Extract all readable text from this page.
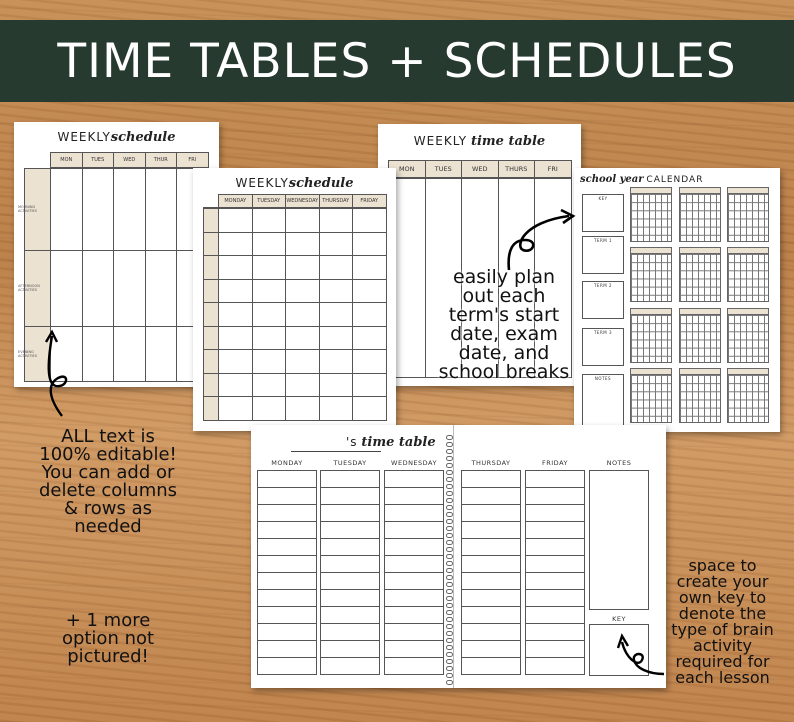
TIME TABLES + SCHEDULES
WEEKLYschedule
MON	TUES	WED	THUR	FRI
MORNING ACTIVITIES
AFTERNOON ACTIVITIES
EVENING ACTIVITIES
WEEKLY time table
MON	TUES	WED	THURS	FRI
WEEKLYschedule
MONDAY	TUESDAY	WEDNESDAY THURSDAY	FRIDAY
school year CALENDAR
KEY
TERM 1
TERM 2
TERM 3
NOTES
's time table
MONDAY	TUESDAY	WEDNESDAY	THURSDAY	FRIDAY	NOTES
KEY
ALL text is
100% editable!
You can add or
delete columns
& rows as
needed
+ 1 more
option not
pictured!
easily plan
out each
term's start
date, exam
date, and
school breaks
space to
create your
own key to
denote the
type of brain
activity
required for
each lesson
